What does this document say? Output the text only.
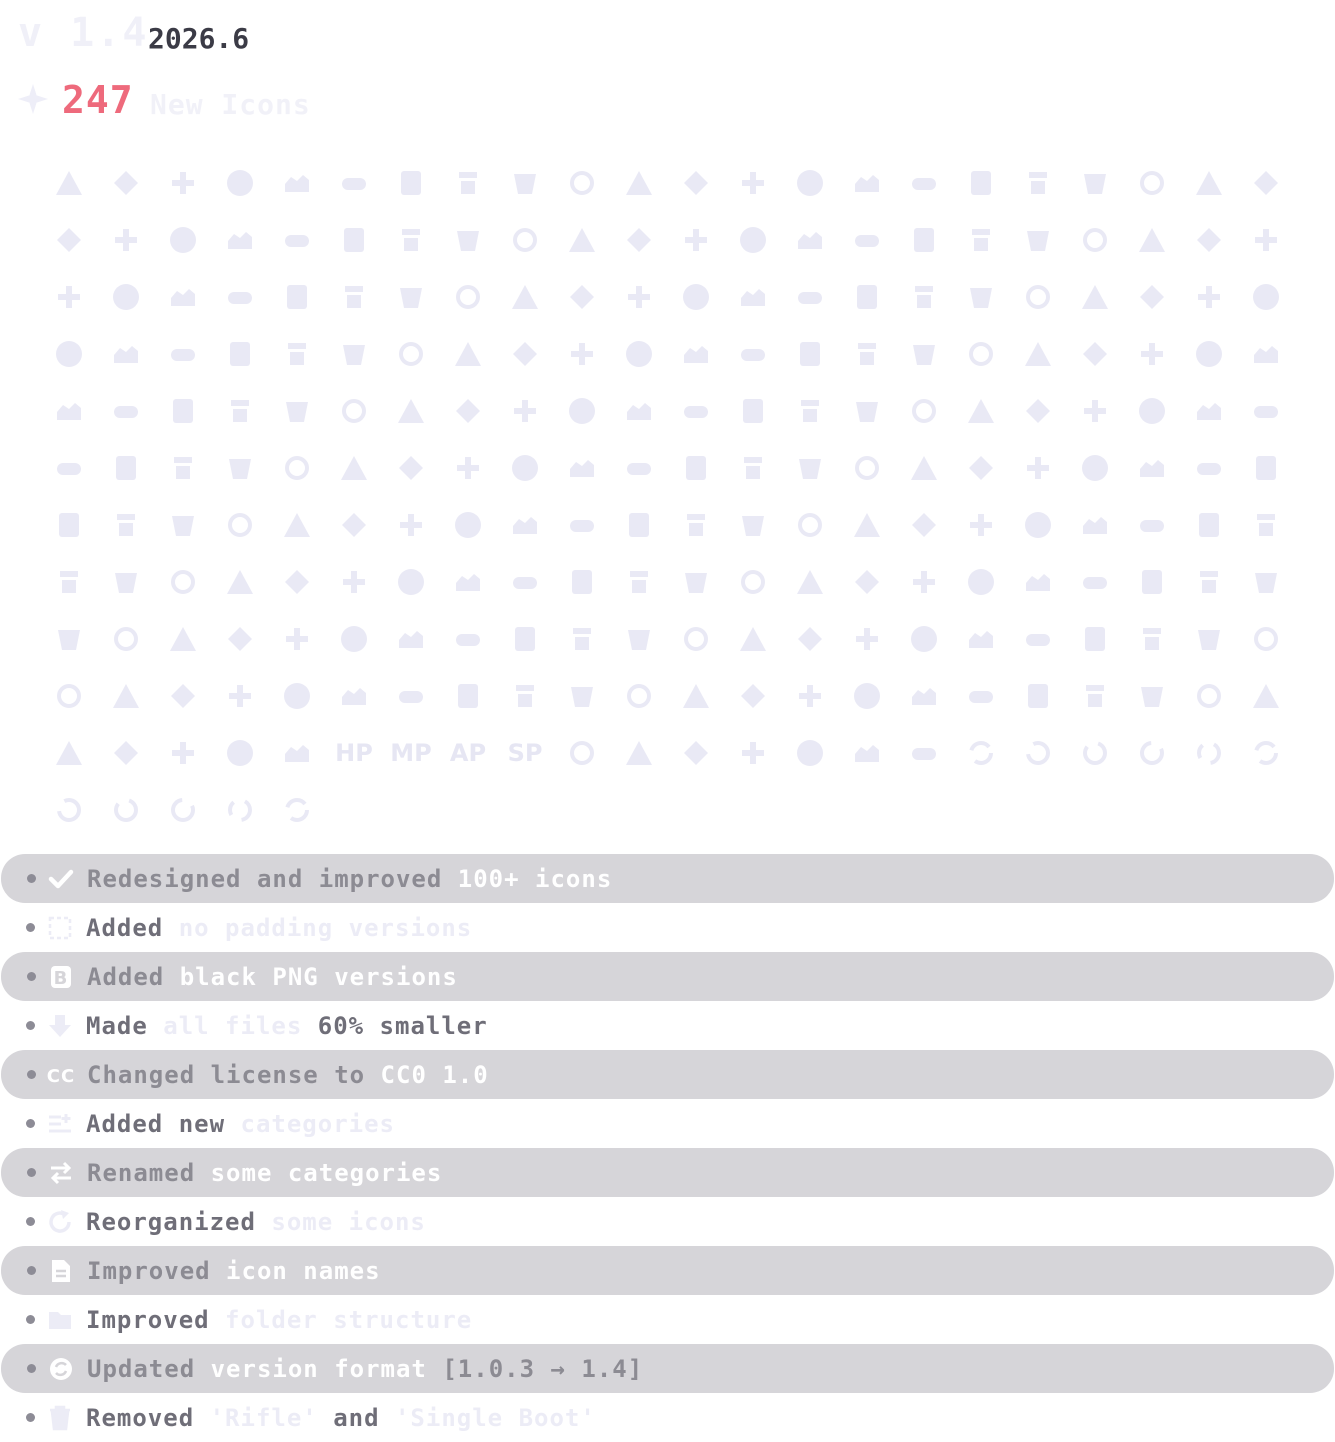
v 1.4 2026.6
247 New Icons
HP MP AP SP
Redesigned and improved 100+ icons
Added no padding versions
B Added black PNG versions
Made all files 60% smaller
CC Changed license to CC0 1.0
Added new categories
Renamed some categories
Reorganized some icons
Improved icon names
Improved folder structure
Updated version format [1.0.3 → 1.4]
Removed 'Rifle' and 'Single Boot'
